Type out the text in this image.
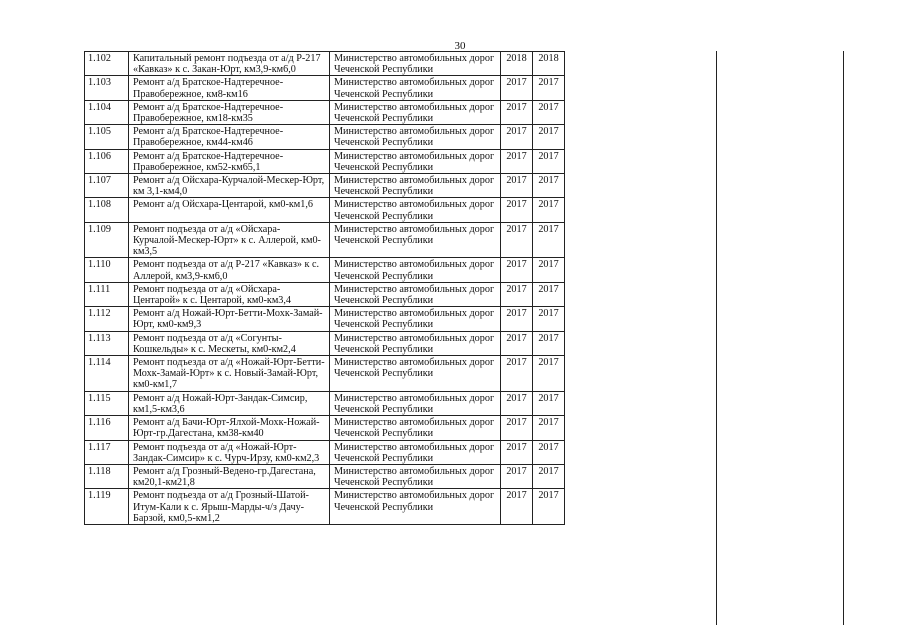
30
1.102	Капитальный ремонт подъезда от а/д Р-217 «Кавказ» к с. Закан-Юрт, км3,9-км6,0	Министерство автомобильных дорог Чеченской Республики	2018	2018
1.103	Ремонт а/д Братское-Надтеречное-Правобережное, км8-км16	Министерство автомобильных дорог Чеченской Республики	2017	2017
1.104	Ремонт а/д Братское-Надтеречное-Правобережное, км18-км35	Министерство автомобильных дорог Чеченской Республики	2017	2017
1.105	Ремонт а/д Братское-Надтеречное-Правобережное, км44-км46	Министерство автомобильных дорог Чеченской Республики	2017	2017
1.106	Ремонт а/д Братское-Надтеречное-Правобережное, км52-км65,1	Министерство автомобильных дорог Чеченской Республики	2017	2017
1.107	Ремонт а/д Ойсхара-Курчалой-Мескер-Юрт, км 3,1-км4,0	Министерство автомобильных дорог Чеченской Республики	2017	2017
1.108	Ремонт а/д Ойсхара-Центарой, км0-км1,6	Министерство автомобильных дорог Чеченской Республики	2017	2017
1.109	Ремонт подъезда от а/д «Ойсхара-Курчалой-Мескер-Юрт» к с. Аллерой, км0-км3,5	Министерство автомобильных дорог Чеченской Республики	2017	2017
1.110	Ремонт подъезда от а/д Р-217 «Кавказ» к с. Аллерой, км3,9-км6,0	Министерство автомобильных дорог Чеченской Республики	2017	2017
1.111	Ремонт подъезда от а/д «Ойсхара-Центарой» к с. Центарой, км0-км3,4	Министерство автомобильных дорог Чеченской Республики	2017	2017
1.112	Ремонт а/д Ножай-Юрт-Бетти-Мохк-Замай-Юрт, км0-км9,3	Министерство автомобильных дорог Чеченской Республики	2017	2017
1.113	Ремонт подъезда от а/д «Согунты-Кошкельды» к с. Мескеты, км0-км2,4	Министерство автомобильных дорог Чеченской Республики	2017	2017
1.114	Ремонт подъезда от а/д «Ножай-Юрт-Бетти-Мохк-Замай-Юрт» к с. Новый-Замай-Юрт, км0-км1,7	Министерство автомобильных дорог Чеченской Республики	2017	2017
1.115	Ремонт а/д Ножай-Юрт-Зандак-Симсир, км1,5-км3,6	Министерство автомобильных дорог Чеченской Республики	2017	2017
1.116	Ремонт а/д Бачи-Юрт-Ялхой-Мохк-Ножай-Юрт-гр.Дагестана, км38-км40	Министерство автомобильных дорог Чеченской Республики	2017	2017
1.117	Ремонт подъезда от а/д «Ножай-Юрт-Зандак-Симсир» к с. Чурч-Ирзу, км0-км2,3	Министерство автомобильных дорог Чеченской Республики	2017	2017
1.118	Ремонт а/д Грозный-Ведено-гр.Дагестана, км20,1-км21,8	Министерство автомобильных дорог Чеченской Республики	2017	2017
1.119	Ремонт подъезда от а/д Грозный-Шатой-Итум-Кали к с. Ярыш-Марды-ч/з Дачу-Барзой, км0,5-км1,2	Министерство автомобильных дорог Чеченской Республики	2017	2017
